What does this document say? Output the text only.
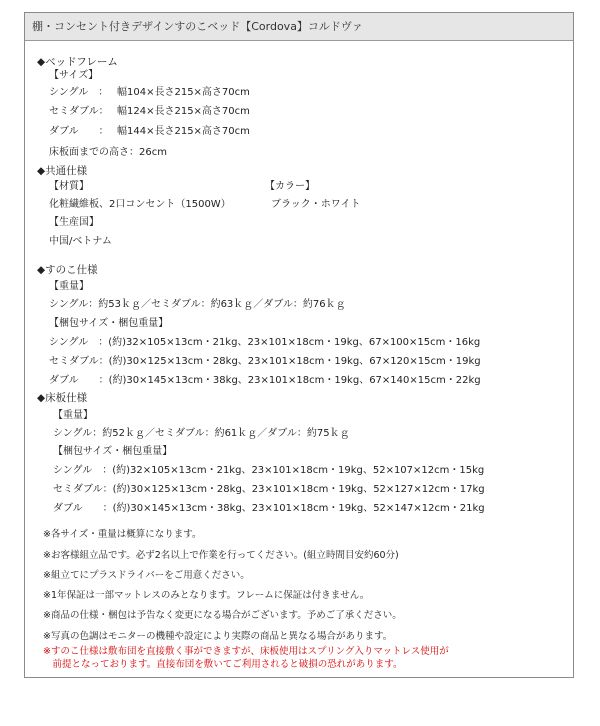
棚・コンセント付きデザインすのこベッド【Cordova】コルドヴァ
◆ベッドフレーム
【サイズ】
シングル　： 幅104×長さ215×高さ70cm
セミダブル： 幅124×長さ215×高さ70cm
ダブル　　： 幅144×長さ215×高さ70cm
床板面までの高さ：26cm
◆共通仕様
【材質】
化粧繊維板、2口コンセント（1500W）
【カラー】
ブラック・ホワイト
【生産国】
中国/ベトナム
◆すのこ仕様
【重量】
シングル：約53ｋｇ／セミダブル：約63ｋｇ／ダブル：約76ｋｇ
【梱包サイズ・梱包重量】
シングル　：(約)32×105×13cm・21kg、23×101×18cm・19kg、67×100×15cm・16kg
セミダブル：(約)30×125×13cm・28kg、23×101×18cm・19kg、67×120×15cm・19kg
ダブル　　：(約)30×145×13cm・38kg、23×101×18cm・19kg、67×140×15cm・22kg
◆床板仕様
【重量】
シングル：約52ｋｇ／セミダブル：約61ｋｇ／ダブル：約75ｋｇ
【梱包サイズ・梱包重量】
シングル　：(約)32×105×13cm・21kg、23×101×18cm・19kg、52×107×12cm・15kg
セミダブル：(約)30×125×13cm・28kg、23×101×18cm・19kg、52×127×12cm・17kg
ダブル　　：(約)30×145×13cm・38kg、23×101×18cm・19kg、52×147×12cm・21kg
※各サイズ・重量は概算になります。
※お客様組立品です。必ず2名以上で作業を行ってください。(組立時間目安約60分)
※組立てにプラスドライバーをご用意ください。
※1年保証は一部マットレスのみとなります。フレームに保証は付きません。
※商品の仕様・梱包は予告なく変更になる場合がございます。予めご了承ください。
※写真の色調はモニターの機種や設定により実際の商品と異なる場合があります。
※すのこ仕様は敷布団を直接敷く事ができますが、床板使用はスプリング入りマットレス使用が
　前提となっております。直接布団を敷いてご利用されると破損の恐れがあります。
